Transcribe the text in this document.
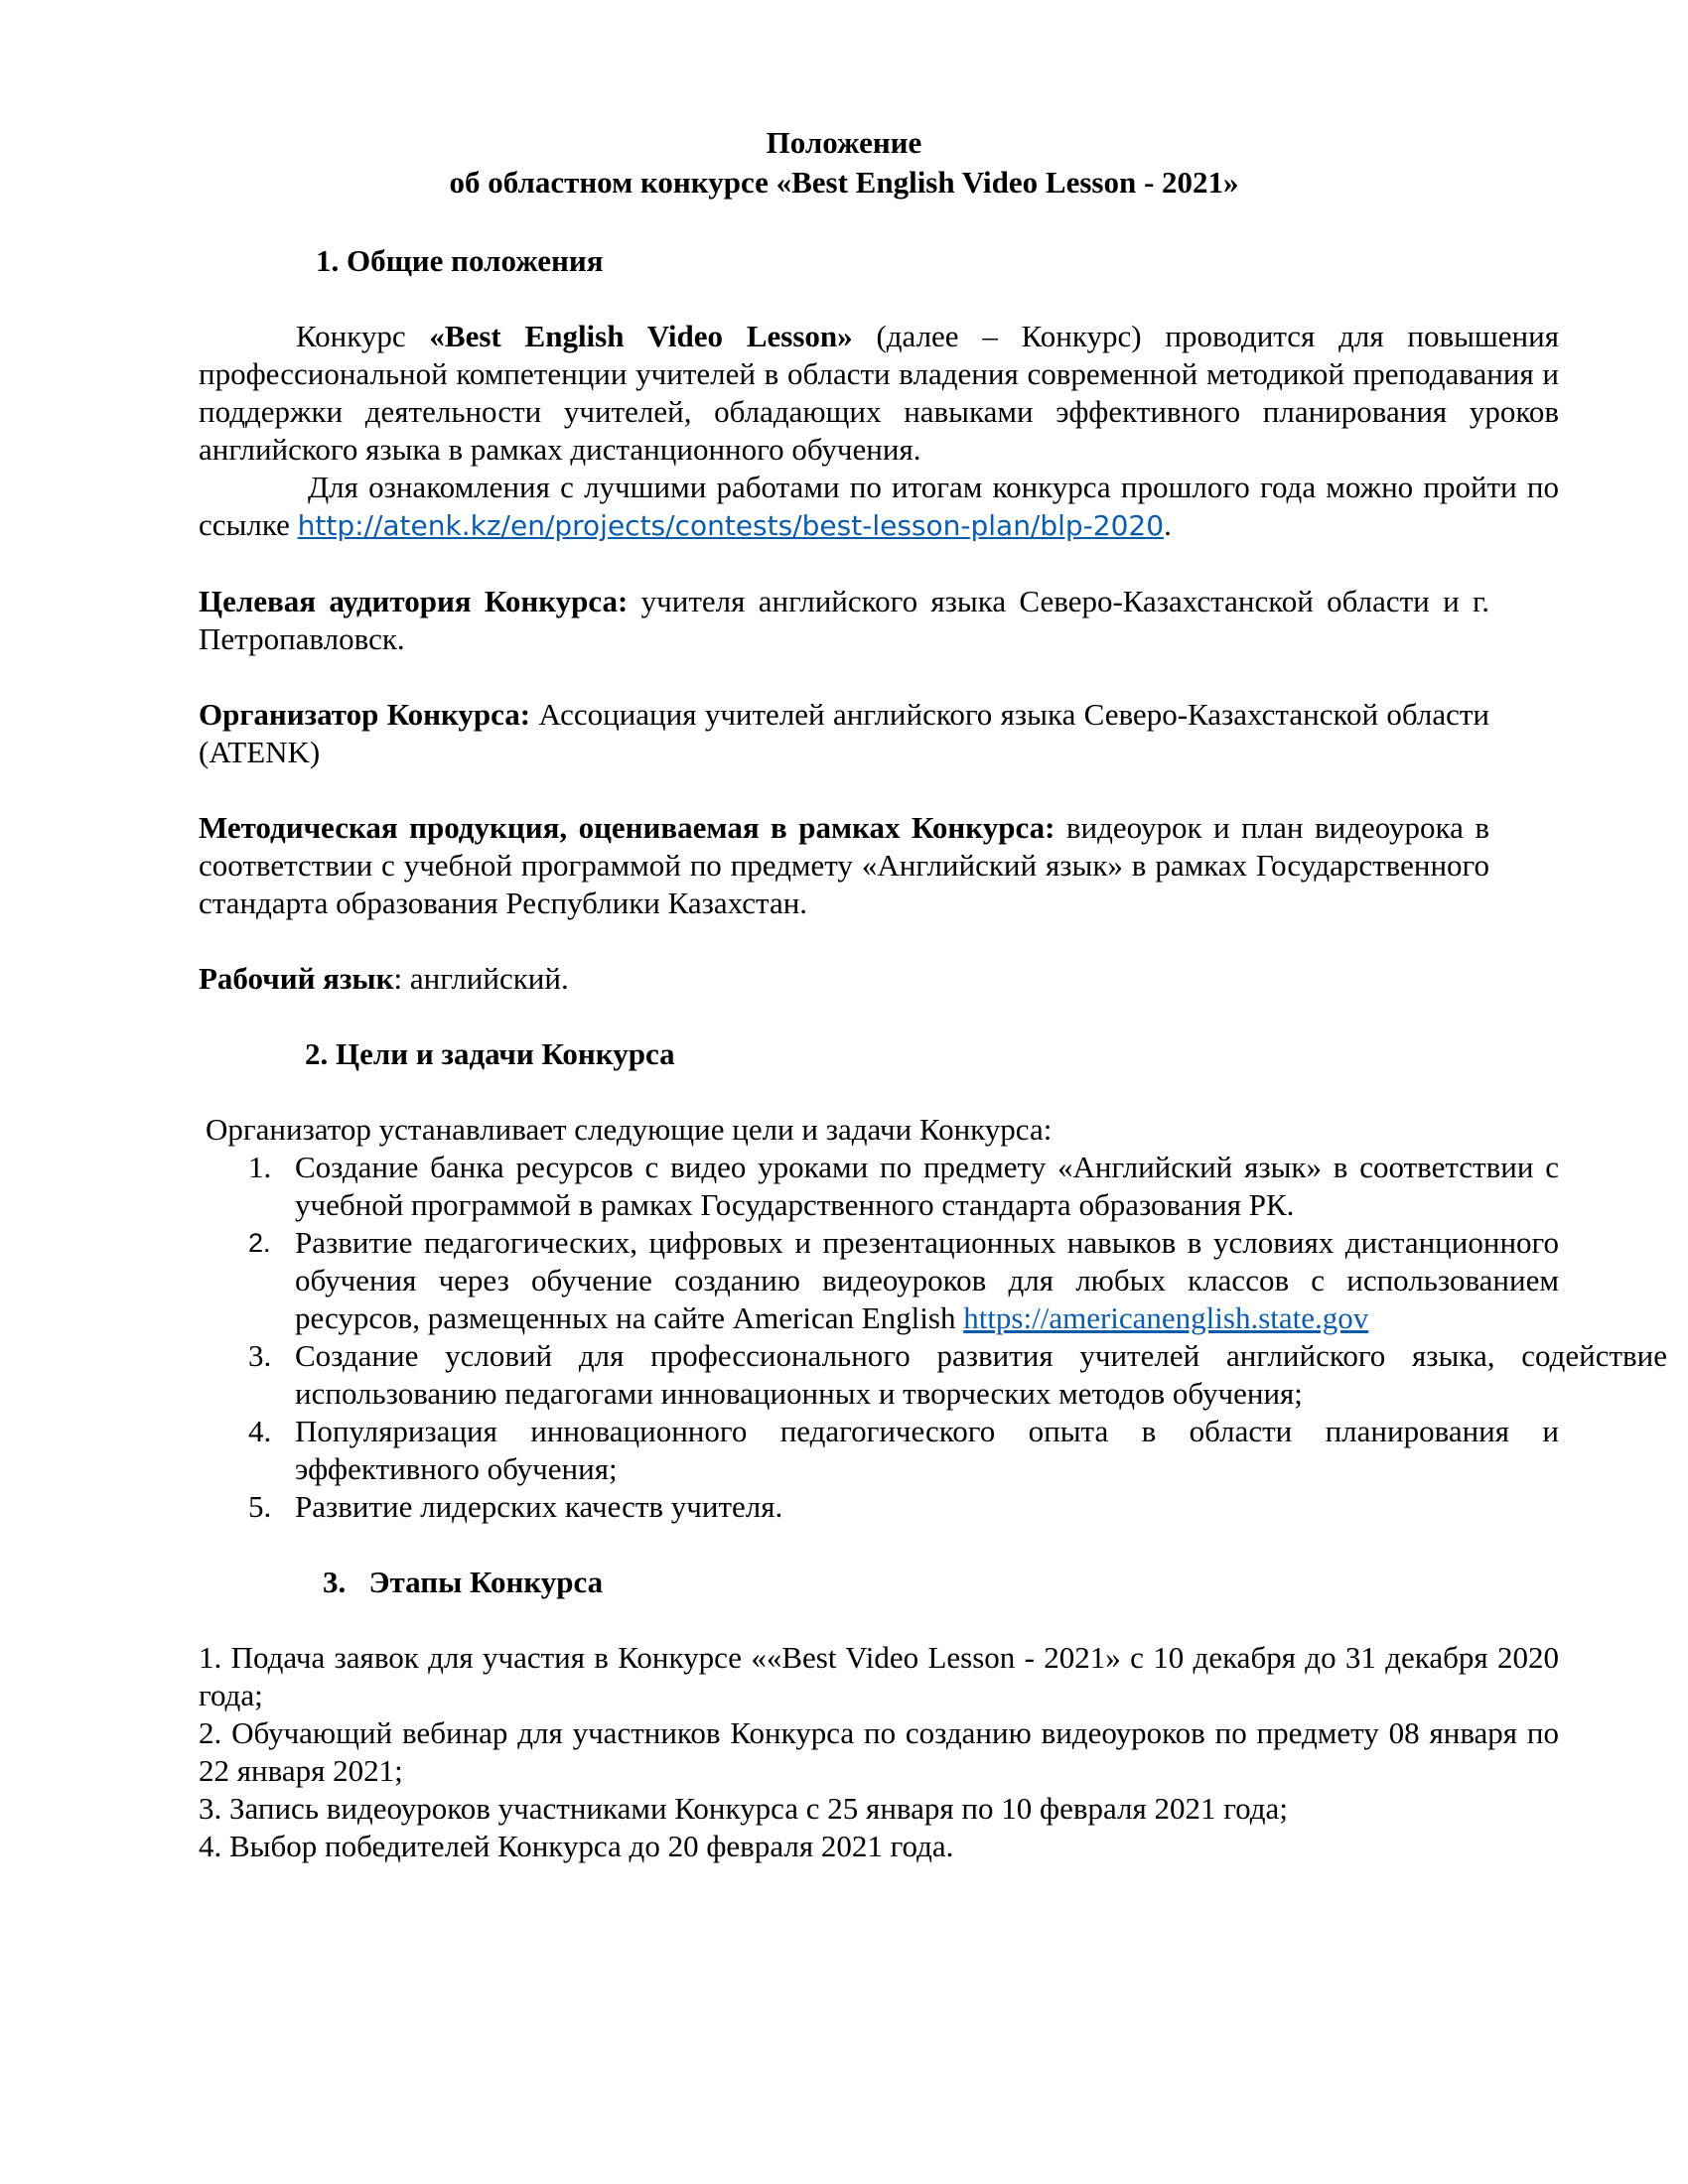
Положение
об областном конкурсе «Best English Video Lesson - 2021»
1. Общие положения

Конкурс «Best English Video Lesson» (далее – Конкурс) проводится для повышения профессиональной компетенции учителей в области владения современной методикой преподавания и поддержки деятельности учителей, обладающих навыками эффективного планирования уроков английского языка в рамках дистанционного обучения.

Для ознакомления с лучшими работами по итогам конкурса прошлого года можно пройти по ссылке http://atenk.kz/en/projects/contests/best-lesson-plan/blp-2020.

Целевая аудитория Конкурса: учителя английского языка Северо-Казахстанской области и г. Петропавловск.

Организатор Конкурса: Ассоциация учителей английского языка Северо-Казахстанской области (ATENK)

Методическая продукция, оцениваемая в рамках Конкурса: видеоурок и план видеоурока в соответствии с учебной программой по предмету «Английский язык» в рамках Государственного стандарта образования Республики Казахстан.

Рабочий язык: английский.

2. Цели и задачи Конкурса

Организатор устанавливает следующие цели и задачи Конкурса:

1. Создание банка ресурсов с видео уроками по предмету «Английский язык» в соответствии с учебной программой в рамках Государственного стандарта образования РК.
2. Развитие педагогических, цифровых и презентационных навыков в условиях дистанционного обучения через обучение созданию видеоуроков для любых классов с использованием ресурсов, размещенных на сайте American English https://americanenglish.state.gov
3. Создание условий для профессионального развития учителей английского языка, содействие использованию педагогами инновационных и творческих методов обучения;
4. Популяризация инновационного педагогического опыта в области планирования и эффективного обучения;
5. Развитие лидерских качеств учителя.
3.   Этапы Конкурса

1. Подача заявок для участия в Конкурсе ««Best Video Lesson - 2021» с 10 декабря до 31 декабря 2020 года;

2. Обучающий вебинар для участников Конкурса по созданию видеоуроков по предмету 08 января по 22 января 2021;

3. Запись видеоуроков участниками Конкурса с 25 января по 10 февраля 2021 года;

4. Выбор победителей Конкурса до 20 февраля 2021 года.
